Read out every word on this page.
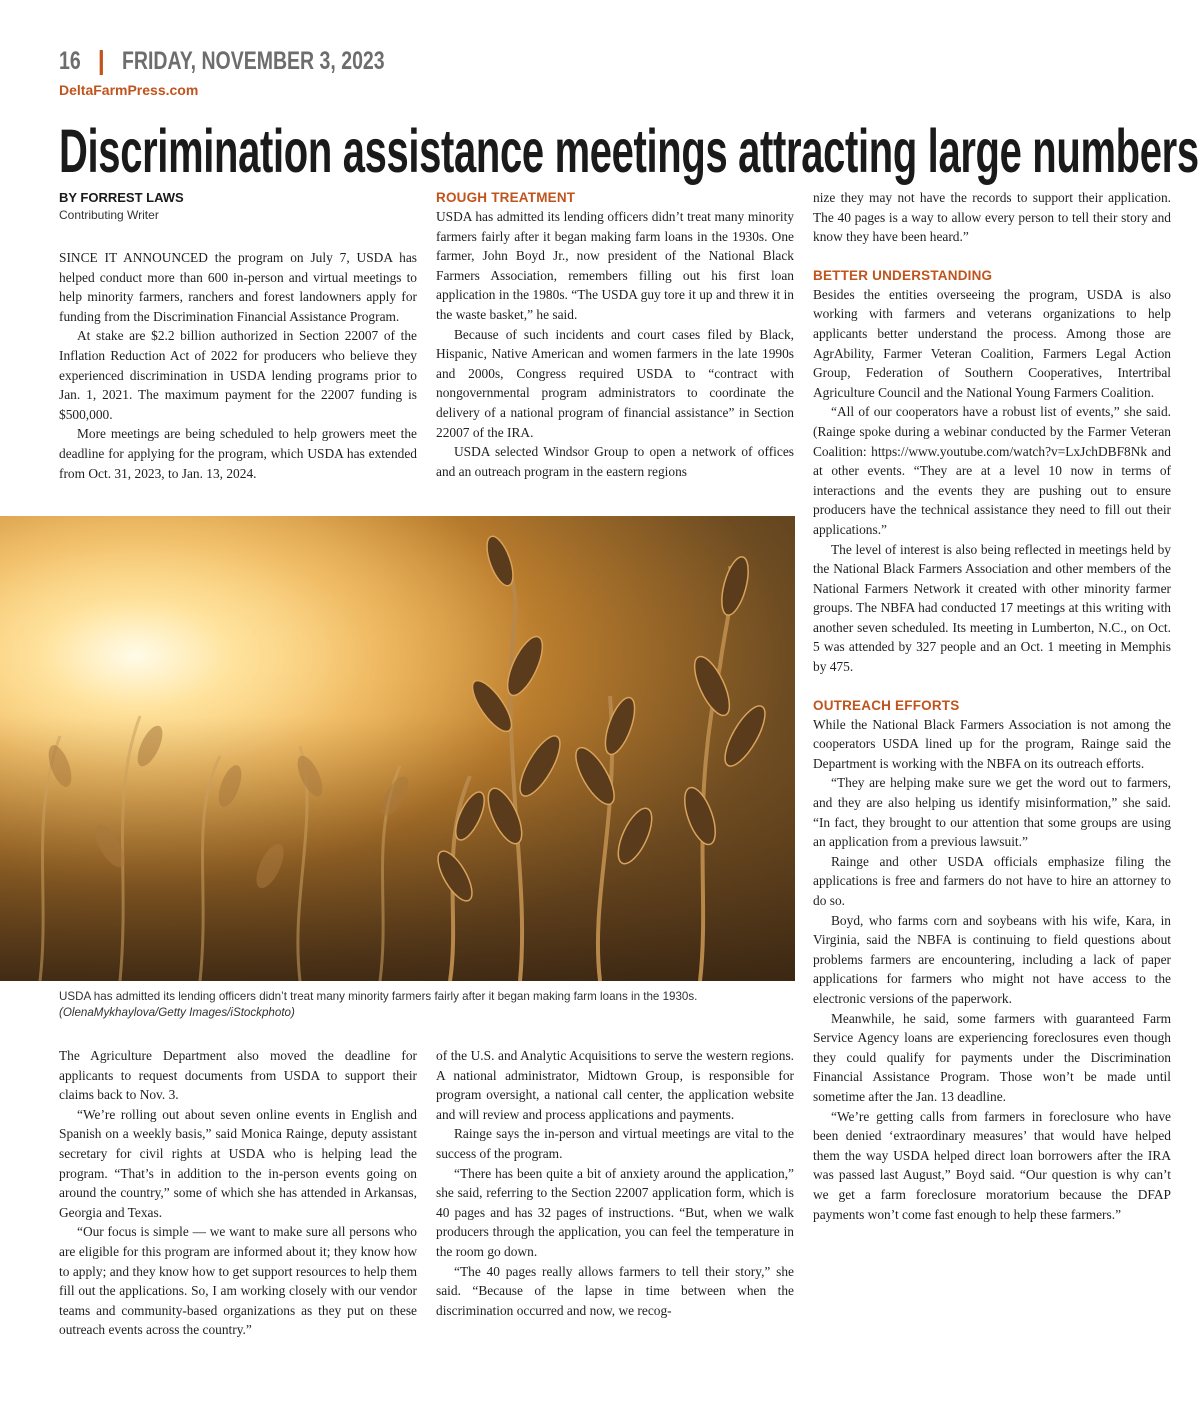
16 ❙ FRIDAY, NOVEMBER 3, 2023
DeltaFarmPress.com
Discrimination assistance meetings attracting large numbers
BY FORREST LAWS
Contributing Writer

SINCE IT ANNOUNCED the program on July 7, USDA has helped conduct more than 600 in-person and virtual meetings to help minority farmers, ranchers and forest landowners apply for funding from the Discrimination Financial Assistance Program.

At stake are $2.2 billion authorized in Section 22007 of the Inflation Reduction Act of 2022 for producers who believe they experienced discrimination in USDA lending programs prior to Jan. 1, 2021. The maximum payment for the 22007 funding is $500,000.

More meetings are being scheduled to help growers meet the deadline for applying for the program, which USDA has extended from Oct. 31, 2023, to Jan. 13, 2024.

ROUGH TREATMENT

USDA has admitted its lending officers didn’t treat many minority farmers fairly after it began making farm loans in the 1930s. One farmer, John Boyd Jr., now president of the National Black Farmers Association, remembers filling out his first loan application in the 1980s. “The USDA guy tore it up and threw it in the waste basket,” he said.

Because of such incidents and court cases filed by Black, Hispanic, Native American and women farmers in the late 1990s and 2000s, Congress required USDA to “contract with nongovernmental program administrators to coordinate the delivery of a national program of financial assistance” in Section 22007 of the IRA.

USDA selected Windsor Group to open a network of offices and an outreach program in the eastern regions

nize they may not have the records to support their application. The 40 pages is a way to allow every person to tell their story and know they have been heard.”

BETTER UNDERSTANDING

Besides the entities overseeing the program, USDA is also working with farmers and veterans organizations to help applicants better understand the process. Among those are AgrAbility, Farmer Veteran Coalition, Farmers Legal Action Group, Federation of Southern Cooperatives, Intertribal Agriculture Council and the National Young Farmers Coalition.

“All of our cooperators have a robust list of events,” she said. (Rainge spoke during a webinar conducted by the Farmer Veteran Coalition: https://www.youtube.com/watch?v=LxJchDBF8Nk and at other events. “They are at a level 10 now in terms of interactions and the events they are pushing out to ensure producers have the technical assistance they need to fill out their applications.”

The level of interest is also being reflected in meetings held by the National Black Farmers Association and other members of the National Farmers Network it created with other minority farmer groups. The NBFA had conducted 17 meetings at this writing with another seven scheduled. Its meeting in Lumberton, N.C., on Oct. 5 was attended by 327 people and an Oct. 1 meeting in Memphis by 475.

OUTREACH EFFORTS

While the National Black Farmers Association is not among the cooperators USDA lined up for the program, Rainge said the Department is working with the NBFA on its outreach efforts.

“They are helping make sure we get the word out to farmers, and they are also helping us identify misinformation,” she said. “In fact, they brought to our attention that some groups are using an application from a previous lawsuit.”

Rainge and other USDA officials emphasize filing the applications is free and farmers do not have to hire an attorney to do so.

Boyd, who farms corn and soybeans with his wife, Kara, in Virginia, said the NBFA is continuing to field questions about problems farmers are encountering, including a lack of paper applications for farmers who might not have access to the electronic versions of the paperwork.

Meanwhile, he said, some farmers with guaranteed Farm Service Agency loans are experiencing foreclosures even though they could qualify for payments under the Discrimination Financial Assistance Program. Those won’t be made until sometime after the Jan. 13 deadline.

“We’re getting calls from farmers in foreclosure who have been denied ‘extraordinary measures’ that would have helped them the way USDA helped direct loan borrowers after the IRA was passed last August,” Boyd said. “Our question is why can’t we get a farm foreclosure moratorium because the DFAP payments won’t come fast enough to help these farmers.”

USDA has admitted its lending officers didn’t treat many minority farmers fairly after it began making farm loans in the 1930s.
(OlenaMykhaylova/Getty Images/iStockphoto)

The Agriculture Department also moved the deadline for applicants to request documents from USDA to support their claims back to Nov. 3.

“We’re rolling out about seven online events in English and Spanish on a weekly basis,” said Monica Rainge, deputy assistant secretary for civil rights at USDA who is helping lead the program. “That’s in addition to the in-person events going on around the country,” some of which she has attended in Arkansas, Georgia and Texas.

“Our focus is simple — we want to make sure all persons who are eligible for this program are informed about it; they know how to apply; and they know how to get support resources to help them fill out the applications. So, I am working closely with our vendor teams and community-based organizations as they put on these outreach events across the country.”

of the U.S. and Analytic Acquisitions to serve the western regions. A national administrator, Midtown Group, is responsible for program oversight, a national call center, the application website and will review and process applications and payments.

Rainge says the in-person and virtual meetings are vital to the success of the program.

“There has been quite a bit of anxiety around the application,” she said, referring to the Section 22007 application form, which is 40 pages and has 32 pages of instructions. “But, when we walk producers through the application, you can feel the temperature in the room go down.

“The 40 pages really allows farmers to tell their story,” she said. “Because of the lapse in time between when the discrimination occurred and now, we recog-
